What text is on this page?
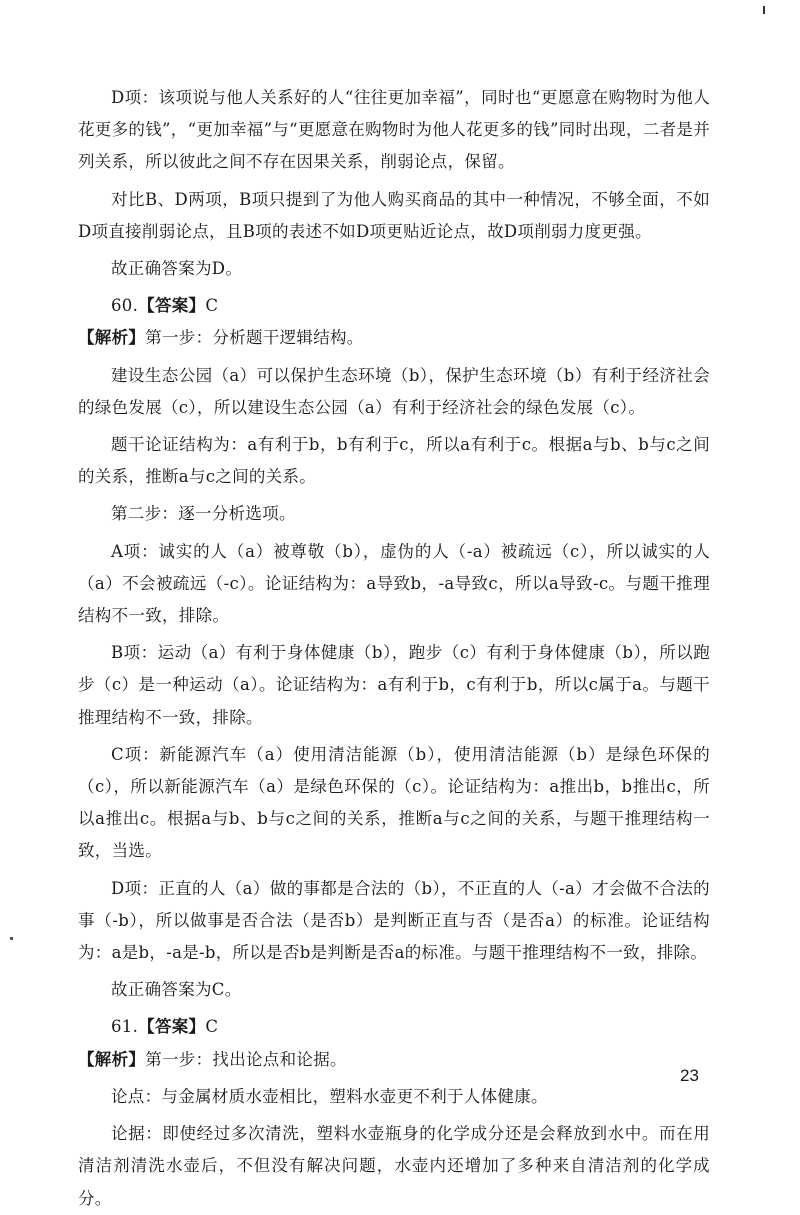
D项：该项说与他人关系好的人“往往更加幸福”，同时也“更愿意在购物时为他人花更多的钱”，“更加幸福”与“更愿意在购物时为他人花更多的钱”同时出现，二者是并列关系，所以彼此之间不存在因果关系，削弱论点，保留。

对比B、D两项，B项只提到了为他人购买商品的其中一种情况，不够全面，不如D项直接削弱论点，且B项的表述不如D项更贴近论点，故D项削弱力度更强。

故正确答案为D。

60.【答案】C

【解析】第一步：分析题干逻辑结构。

建设生态公园（a）可以保护生态环境（b），保护生态环境（b）有利于经济社会的绿色发展（c），所以建设生态公园（a）有利于经济社会的绿色发展（c）。

题干论证结构为：a有利于b，b有利于c，所以a有利于c。根据a与b、b与c之间的关系，推断a与c之间的关系。

第二步：逐一分析选项。

A项：诚实的人（a）被尊敬（b），虚伪的人（-a）被疏远（c），所以诚实的人（a）不会被疏远（-c）。论证结构为：a导致b，-a导致c，所以a导致-c。与题干推理结构不一致，排除。

B项：运动（a）有利于身体健康（b），跑步（c）有利于身体健康（b），所以跑步（c）是一种运动（a）。论证结构为：a有利于b，c有利于b，所以c属于a。与题干推理结构不一致，排除。

C项：新能源汽车（a）使用清洁能源（b），使用清洁能源（b）是绿色环保的（c），所以新能源汽车（a）是绿色环保的（c）。论证结构为：a推出b，b推出c，所以a推出c。根据a与b、b与c之间的关系，推断a与c之间的关系，与题干推理结构一致，当选。

D项：正直的人（a）做的事都是合法的（b），不正直的人（-a）才会做不合法的事（-b），所以做事是否合法（是否b）是判断正直与否（是否a）的标准。论证结构为：a是b，-a是-b，所以是否b是判断是否a的标准。与题干推理结构不一致，排除。

故正确答案为C。

61.【答案】C

【解析】第一步：找出论点和论据。

论点：与金属材质水壶相比，塑料水壶更不利于人体健康。

论据：即使经过多次清洗，塑料水壶瓶身的化学成分还是会释放到水中。而在用清洁剂清洗水壶后，不但没有解决问题，水壶内还增加了多种来自清洁剂的化学成分。

23
